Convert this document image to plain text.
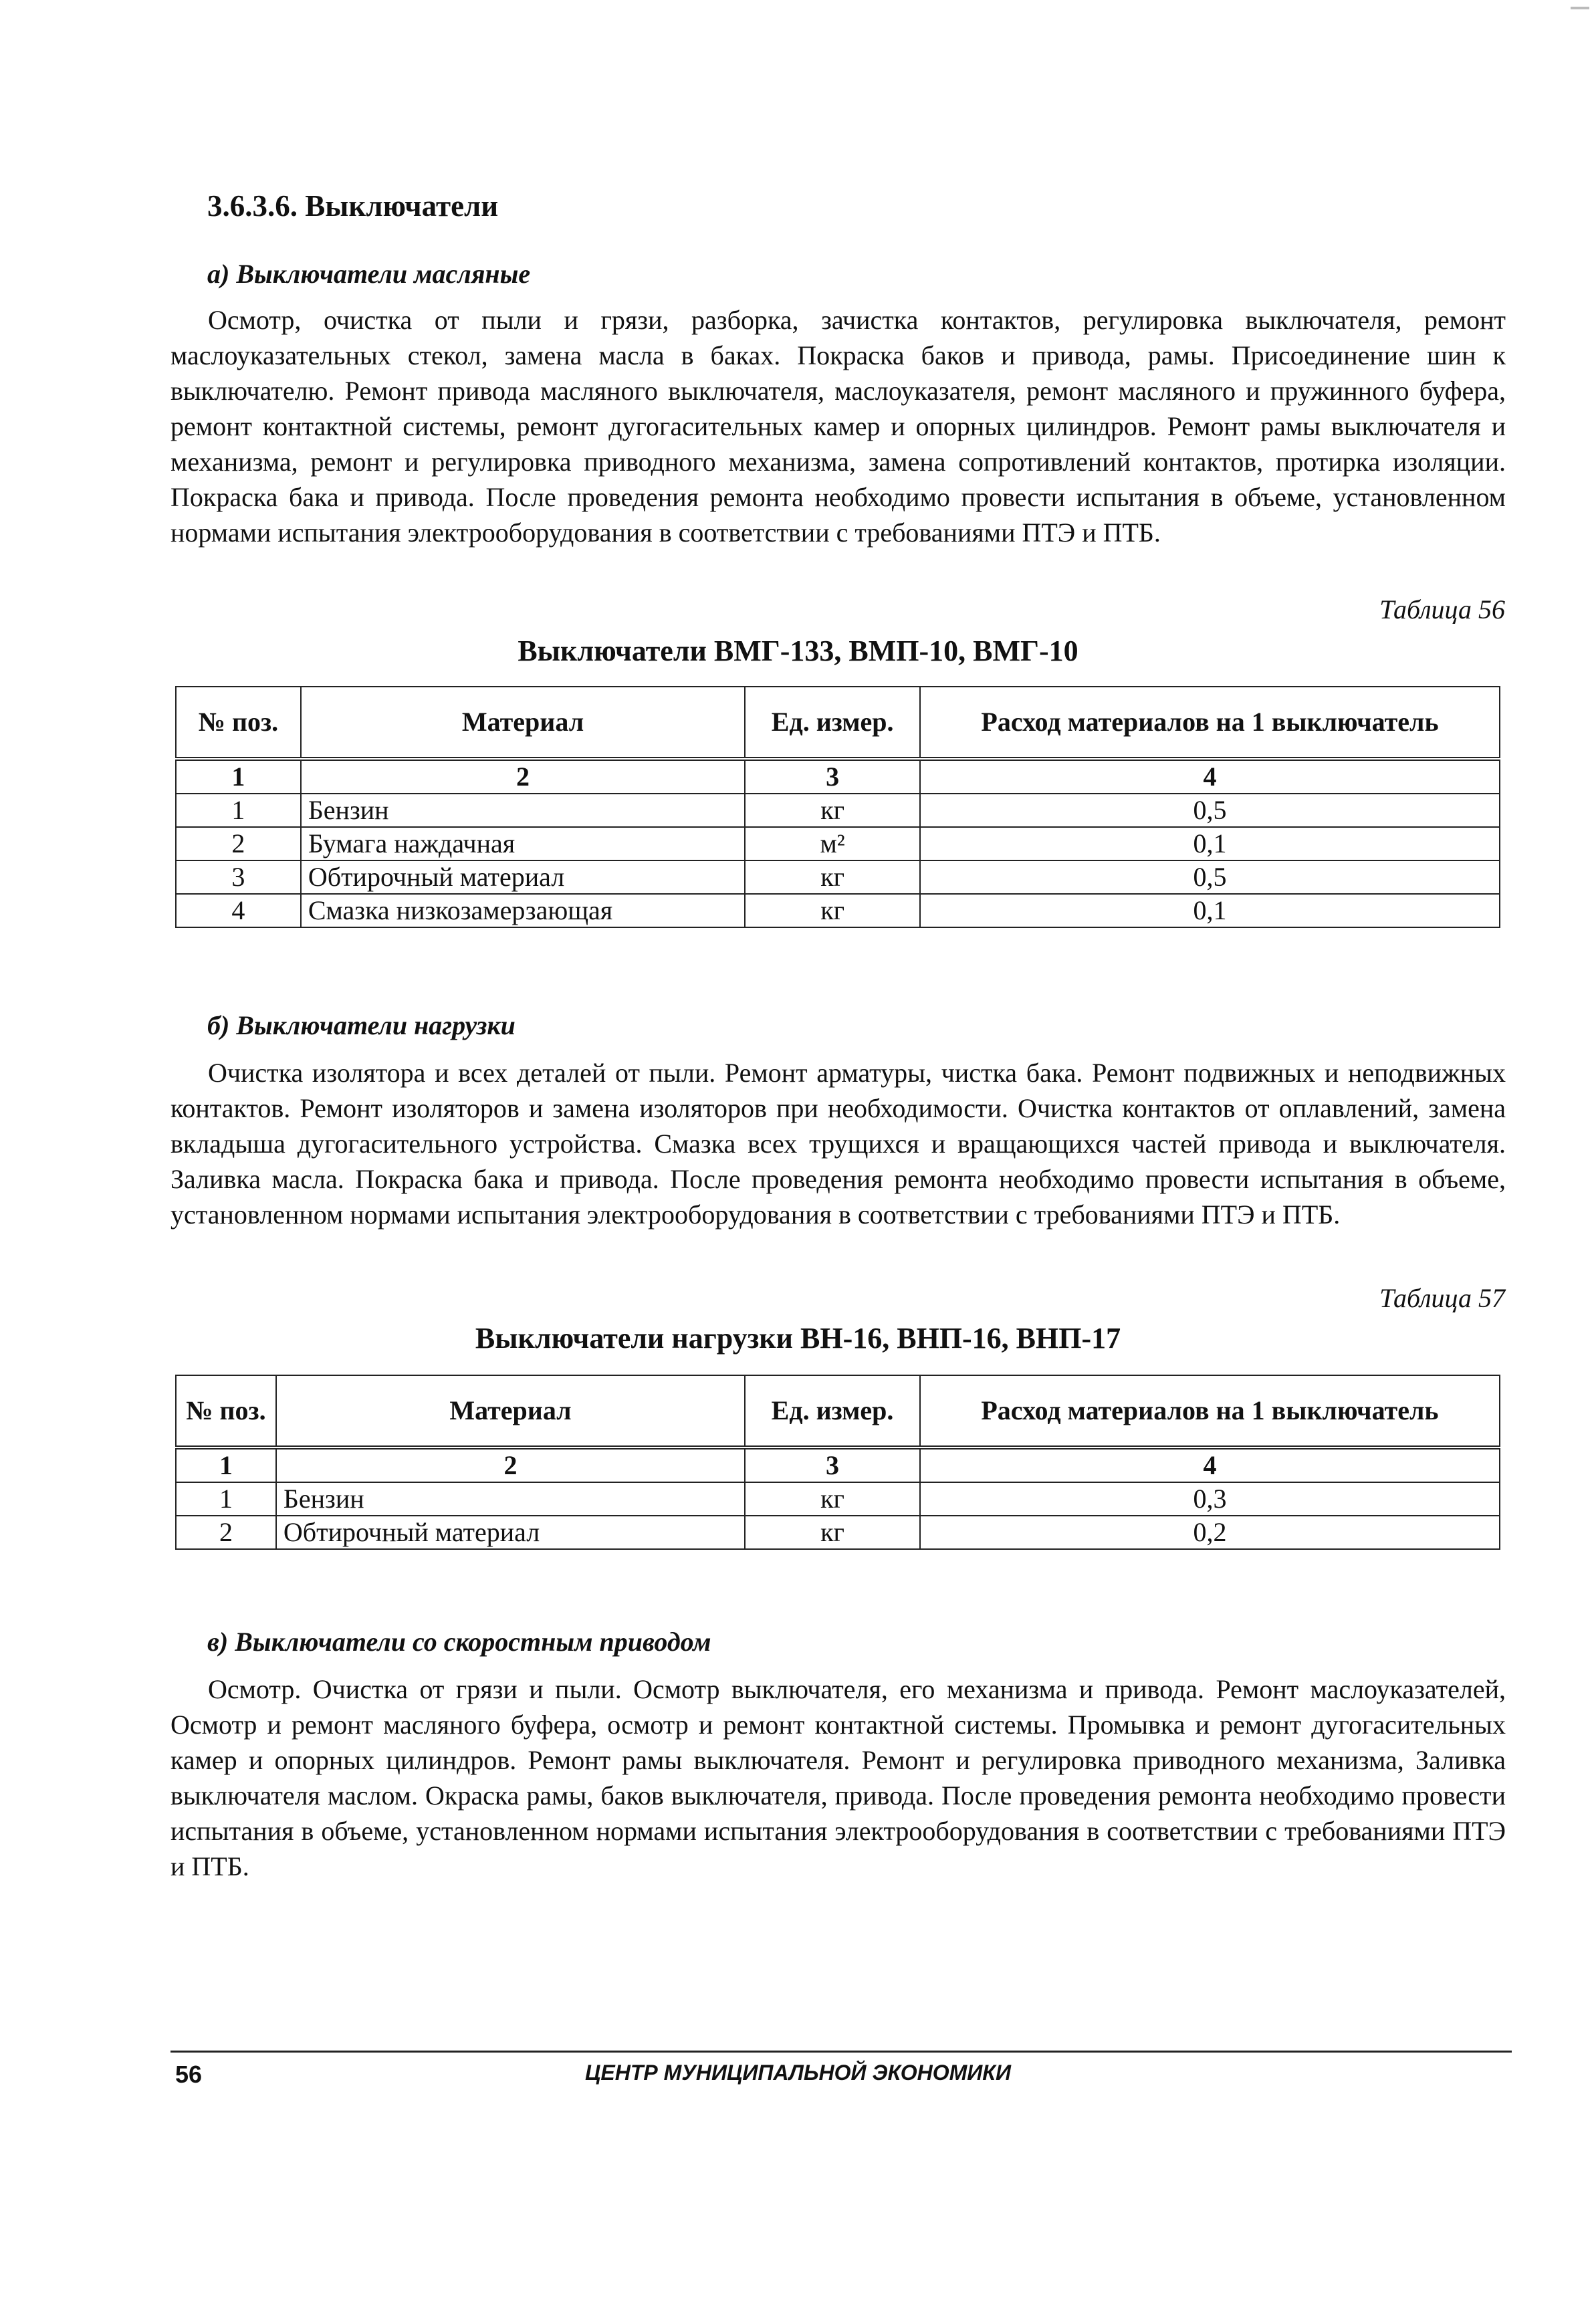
3.6.3.6. Выключатели
а) Выключатели масляные
Осмотр, очистка от пыли и грязи, разборка, зачистка контактов, регулировка выключателя, ремонт маслоуказательных стекол, замена масла в баках. Покраска баков и привода, рамы. Присоединение шин к выключателю. Ремонт привода масляного выключателя, маслоуказателя, ремонт масляного и пружинного буфера, ремонт контактной системы, ремонт дугогасительных камер и опорных цилиндров. Ремонт рамы выключателя и механизма, ремонт и регулировка приводного механизма, замена сопротивлений контактов, протирка изоляции. Покраска бака и привода. После проведения ремонта необходимо провести испытания в объеме, установленном нормами испытания электрооборудования в соответствии с требованиями ПТЭ и ПТБ.
Таблица 56
Выключатели ВМГ-133, ВМП-10, ВМГ-10
№ поз.	Материал	Ед. измер.	Расход материалов на 1 выключатель
1	2	3	4
1	Бензин	кг	0,5
2	Бумага наждачная	м²	0,1
3	Обтирочный материал	кг	0,5
4	Смазка низкозамерзающая	кг	0,1
б) Выключатели нагрузки
Очистка изолятора и всех деталей от пыли. Ремонт арматуры, чистка бака. Ремонт подвижных и неподвижных контактов. Ремонт изоляторов и замена изоляторов при необходимости. Очистка контактов от оплавлений, замена вкладыша дугогасительного устройства. Смазка всех трущихся и вращающихся частей привода и выключателя. Заливка масла. Покраска бака и привода. После проведения ремонта необходимо провести испытания в объеме, установленном нормами испытания электрооборудования в соответствии с требованиями ПТЭ и ПТБ.
Таблица 57
Выключатели нагрузки ВН-16, ВНП-16, ВНП-17
№ поз.	Материал	Ед. измер.	Расход материалов на 1 выключатель
1	2	3	4
1	Бензин	кг	0,3
2	Обтирочный материал	кг	0,2
в) Выключатели со скоростным приводом
Осмотр. Очистка от грязи и пыли. Осмотр выключателя, его механизма и привода. Ремонт маслоуказателей, Осмотр и ремонт масляного буфера, осмотр и ремонт контактной системы. Промывка и ремонт дугогасительных камер и опорных цилиндров. Ремонт рамы выключателя. Ремонт и регулировка приводного механизма, Заливка выключателя маслом. Окраска рамы, баков выключателя, привода. После проведения ремонта необходимо провести испытания в объеме, установленном нормами испытания электрооборудования в соответствии с требованиями ПТЭ и ПТБ.
ЦЕНТР МУНИЦИПАЛЬНОЙ ЭКОНОМИКИ
56
